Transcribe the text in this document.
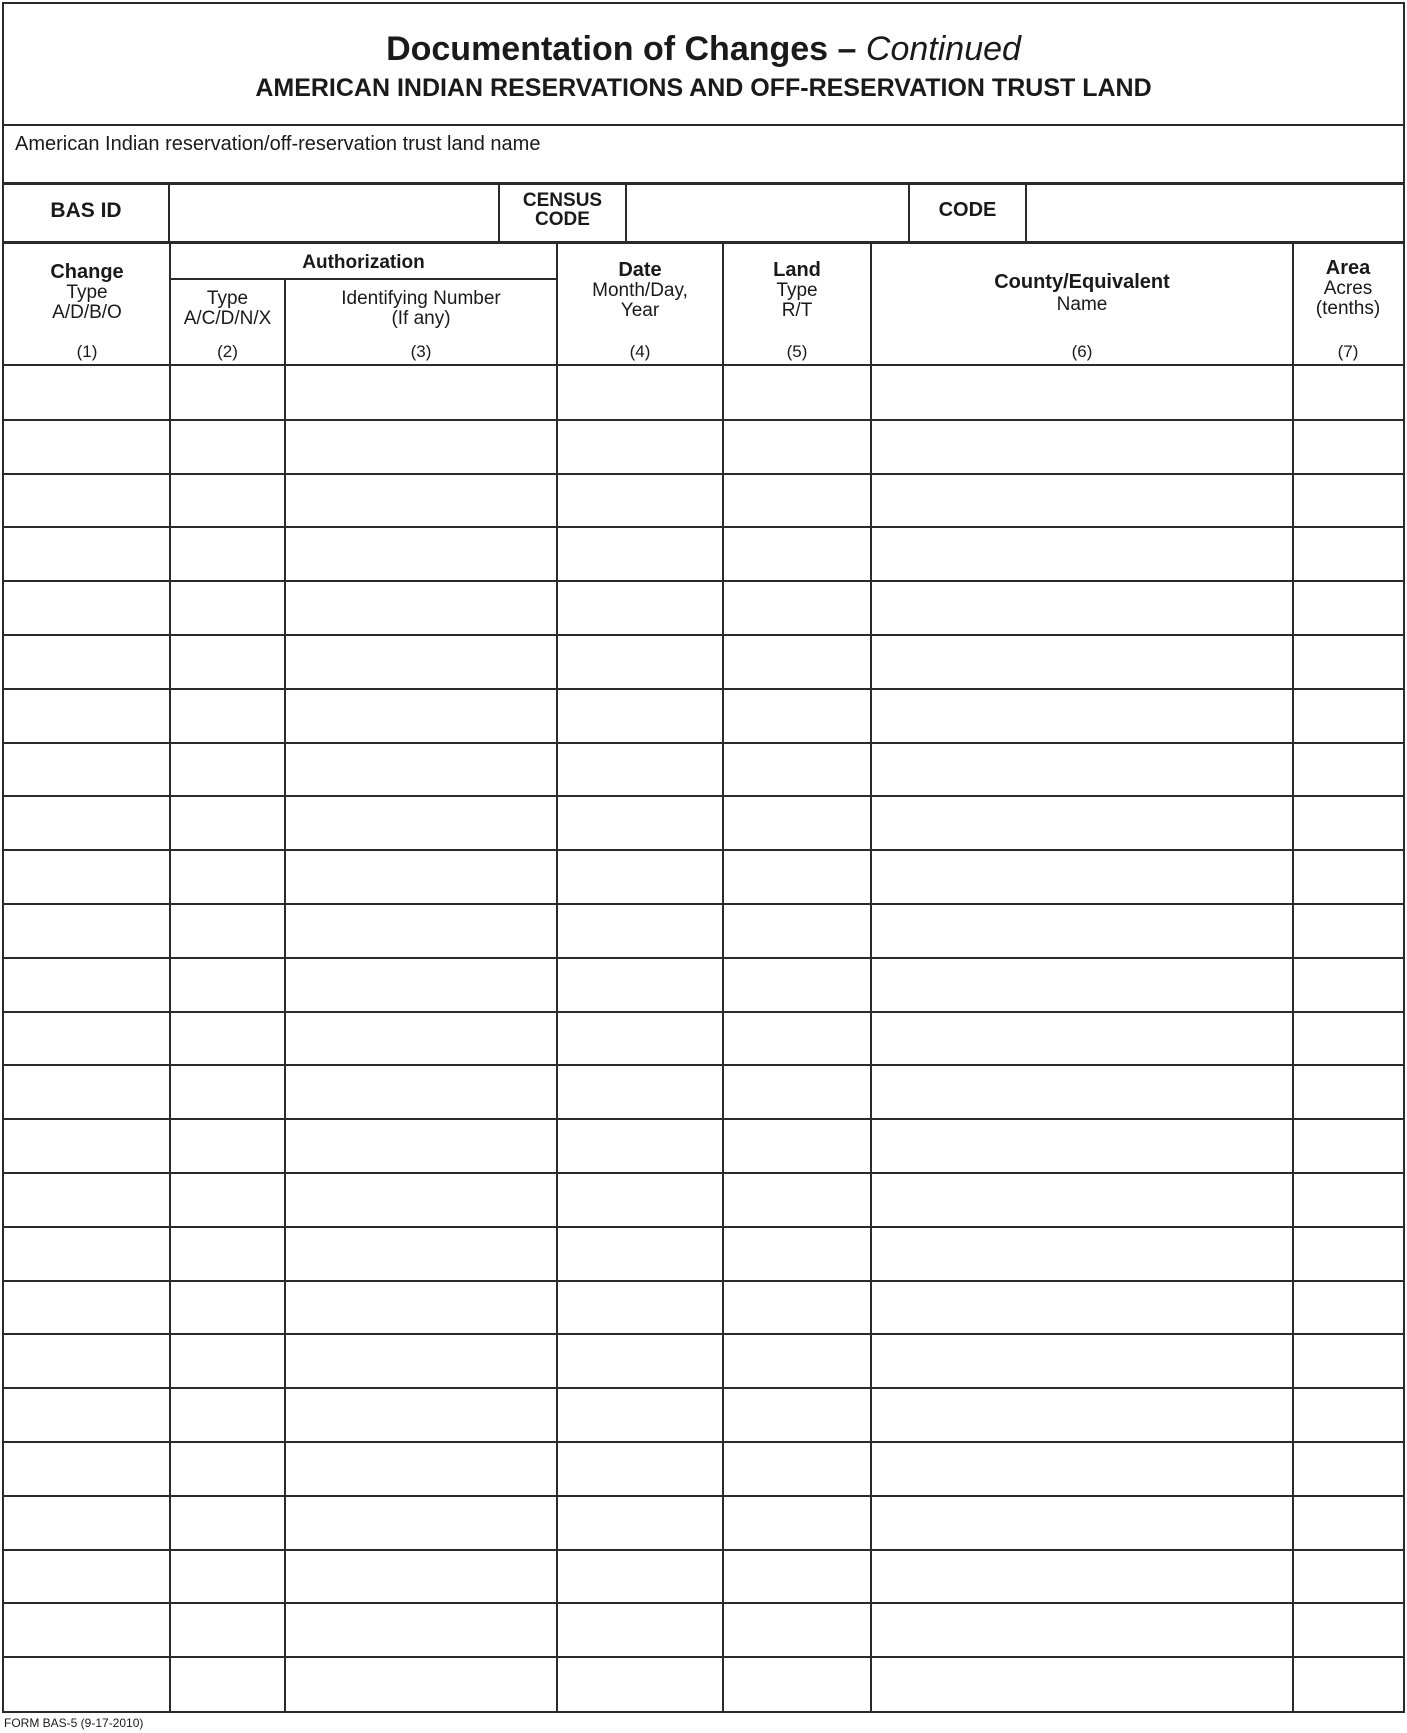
Documentation of Changes – Continued
AMERICAN INDIAN RESERVATIONS AND OFF-RESERVATION TRUST LAND
American Indian reservation/off-reservation trust land name
BAS ID	CENSUS
CODE	CODE
Authorization
Change
Type
A/D/B/O
(1)
Type
A/C/D/N/X
(2)
Identifying Number
(If any)
(3)
Date
Month/Day,
Year
(4)
Land
Type
R/T
(5)
County/Equivalent
Name
(6)
Area
Acres
(tenths)
(7)
FORM BAS-5 (9-17-2010)
